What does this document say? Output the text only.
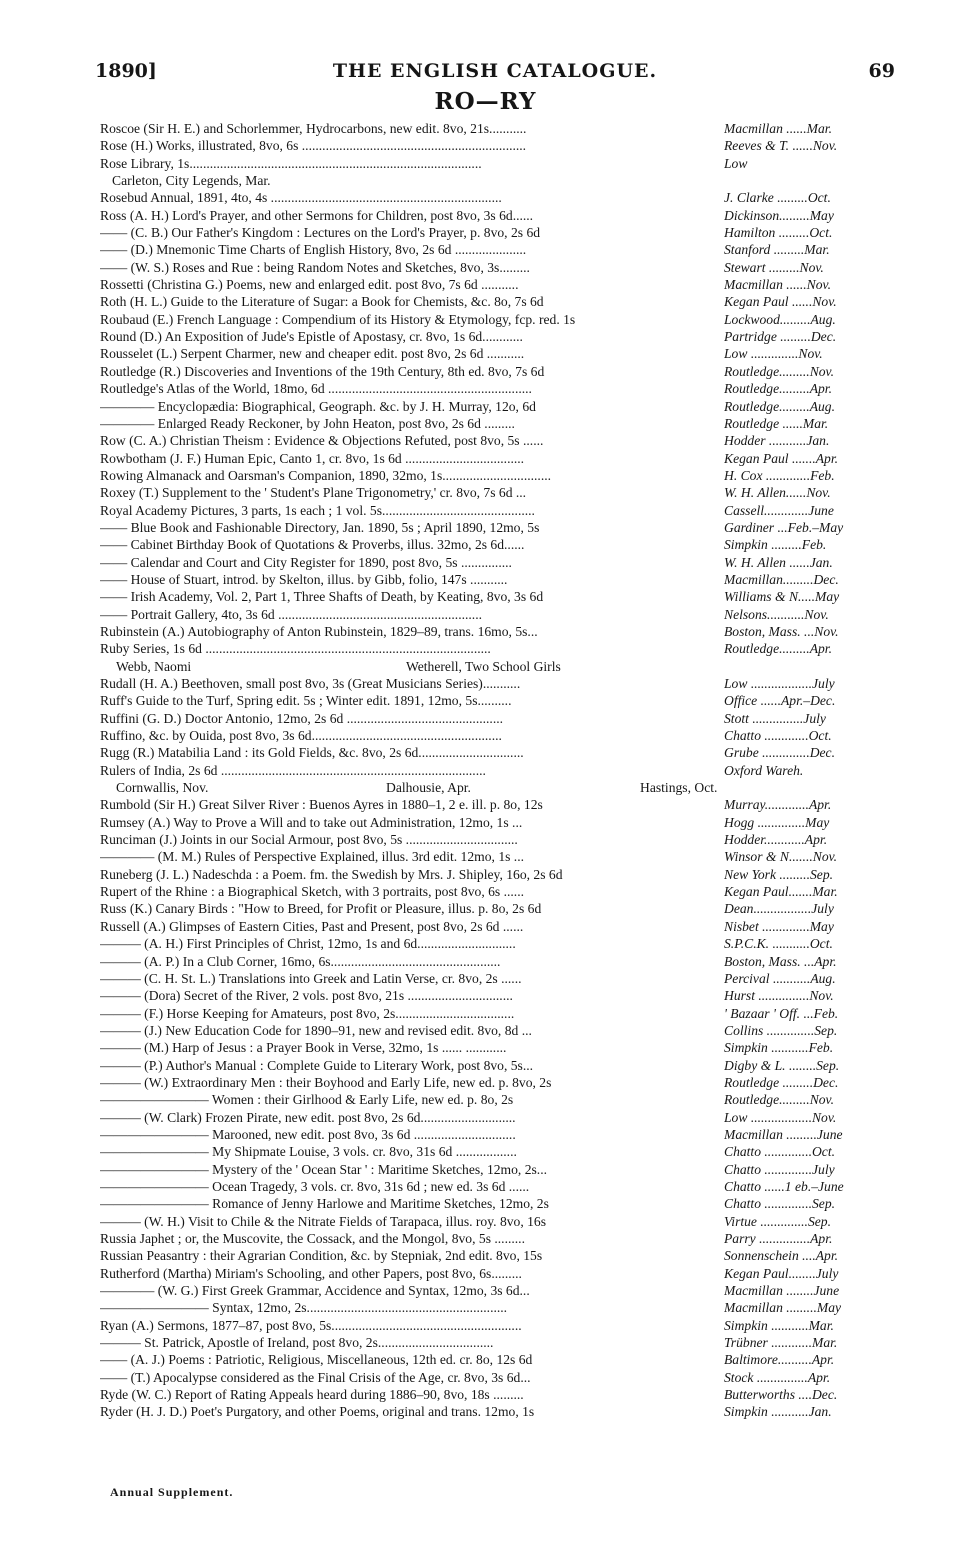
1890]	THE ENGLISH CATALOGUE.	69
RO—RY
Roscoe (Sir H. E.) and Schorlemmer, Hydrocarbons, new edit. 8vo, 21s...........	Macmillan ......Mar.
Rose (H.) Works, illustrated, 8vo, 6s ..................................................................	Reeves & T. ......Nov.
Rose Library, 1s......................................................................................	Low
Carleton, City Legends, Mar.
Rosebud Annual, 1891, 4to, 4s ....................................................................	J. Clarke .........Oct.
Ross (A. H.) Lord's Prayer, and other Sermons for Children, post 8vo, 3s 6d......	Dickinson.........May
—— (C. B.) Our Father's Kingdom : Lectures on the Lord's Prayer, p. 8vo, 2s 6d	Hamilton .........Oct.
—— (D.) Mnemonic Time Charts of English History, 8vo, 2s 6d .....................	Stanford .........Mar.
—— (W. S.) Roses and Rue : being Random Notes and Sketches, 8vo, 3s.........	Stewart .........Nov.
Rossetti (Christina G.) Poems, new and enlarged edit. post 8vo, 7s 6d ...........	Macmillan ......Nov.
Roth (H. L.) Guide to the Literature of Sugar: a Book for Chemists, &c. 8o, 7s 6d	Kegan Paul ......Nov.
Roubaud (E.) French Language : Compendium of its History & Etymology, fcp. red. 1s	Lockwood.........Aug.
Round (D.) An Exposition of Jude's Epistle of Apostasy, cr. 8vo, 1s 6d............	Partridge .........Dec.
Rousselet (L.) Serpent Charmer, new and cheaper edit. post 8vo, 2s 6d ...........	Low ..............Nov.
Routledge (R.) Discoveries and Inventions of the 19th Century, 8th ed. 8vo, 7s 6d	Routledge.........Nov.
Routledge's Atlas of the World, 18mo, 6d ............................................................	Routledge.........Apr.
———— Encyclopædia: Biographical, Geograph. &c. by J. H. Murray, 12o, 6d	Routledge.........Aug.
———— Enlarged Ready Reckoner, by John Heaton, post 8vo, 2s 6d .........	Routledge ......Mar.
Row (C. A.) Christian Theism : Evidence & Objections Refuted, post 8vo, 5s ......	Hodder ...........Jan.
Rowbotham (J. F.) Human Epic, Canto 1, cr. 8vo, 1s 6d ...................................	Kegan Paul .......Apr.
Rowing Almanack and Oarsman's Companion, 1890, 32mo, 1s................................	H. Cox .............Feb.
Roxey (T.) Supplement to the ' Student's Plane Trigonometry,' cr. 8vo, 7s 6d ...	W. H. Allen......Nov.
Royal Academy Pictures, 3 parts, 1s each ; 1 vol. 5s.............................................	Cassell.............June
—— Blue Book and Fashionable Directory, Jan. 1890, 5s ; April 1890, 12mo, 5s	Gardiner ...Feb.–May
—— Cabinet Birthday Book of Quotations & Proverbs, illus. 32mo, 2s 6d......	Simpkin .........Feb.
—— Calendar and Court and City Register for 1890, post 8vo, 5s ...............	W. H. Allen ......Jan.
—— House of Stuart, introd. by Skelton, illus. by Gibb, folio, 147s ...........	Macmillan.........Dec.
—— Irish Academy, Vol. 2, Part 1, Three Shafts of Death, by Keating, 8vo, 3s 6d	Williams & N.....May
—— Portrait Gallery, 4to, 3s 6d ............................................................	Nelsons...........Nov.
Rubinstein (A.) Autobiography of Anton Rubinstein, 1829–89, trans. 16mo, 5s...	Boston, Mass. ...Nov.
Ruby Series, 1s 6d ....................................................................................	Routledge.........Apr.
Webb, Naomi	Wetherell, Two School Girls
Rudall (H. A.) Beethoven, small post 8vo, 3s (Great Musicians Series)...........	Low ..................July
Ruff's Guide to the Turf, Spring edit. 5s ; Winter edit. 1891, 12mo, 5s..........	Office ......Apr.–Dec.
Ruffini (G. D.) Doctor Antonio, 12mo, 2s 6d ..............................................	Stott ...............July
Ruffino, &c. by Ouida, post 8vo, 3s 6d........................................................	Chatto .............Oct.
Rugg (R.) Matabilia Land : its Gold Fields, &c. 8vo, 2s 6d...............................	Grube ..............Dec.
Rulers of India, 2s 6d ..............................................................................	Oxford Wareh.
Cornwallis, Nov.	Dalhousie, Apr.	Hastings, Oct.
Rumbold (Sir H.) Great Silver River : Buenos Ayres in 1880–1, 2 e. ill. p. 8o, 12s	Murray.............Apr.
Rumsey (A.) Way to Prove a Will and to take out Administration, 12mo, 1s ...	Hogg ..............May
Runciman (J.) Joints in our Social Armour, post 8vo, 5s .................................	Hodder............Apr.
———— (M. M.) Rules of Perspective Explained, illus. 3rd edit. 12mo, 1s ...	Winsor & N.......Nov.
Runeberg (J. L.) Nadeschda : a Poem. fm. the Swedish by Mrs. J. Shipley, 16o, 2s 6d	New York .........Sep.
Rupert of the Rhine : a Biographical Sketch, with 3 portraits, post 8vo, 6s ......	Kegan Paul.......Mar.
Russ (K.) Canary Birds : "How to Breed, for Profit or Pleasure, illus. p. 8o, 2s 6d	Dean.................July
Russell (A.) Glimpses of Eastern Cities, Past and Present, post 8vo, 2s 6d ......	Nisbet ..............May
——— (A. H.) First Principles of Christ, 12mo, 1s and 6d.............................	S.P.C.K. ...........Oct.
——— (A. P.) In a Club Corner, 16mo, 6s..................................................	Boston, Mass. ...Apr.
——— (C. H. St. L.) Translations into Greek and Latin Verse, cr. 8vo, 2s ......	Percival ...........Aug.
——— (Dora) Secret of the River, 2 vols. post 8vo, 21s ...............................	Hurst ...............Nov.
——— (F.) Horse Keeping for Amateurs, post 8vo, 2s...................................	' Bazaar ' Off. ...Feb.
——— (J.) New Education Code for 1890–91, new and revised edit. 8vo, 8d ...	Collins ..............Sep.
——— (M.) Harp of Jesus : a Prayer Book in Verse, 32mo, 1s ...... ............	Simpkin ...........Feb.
——— (P.) Author's Manual : Complete Guide to Literary Work, post 8vo, 5s...	Digby & L. ........Sep.
——— (W.) Extraordinary Men : their Boyhood and Early Life, new ed. p. 8vo, 2s	Routledge .........Dec.
———————— Women : their Girlhood & Early Life, new ed. p. 8o, 2s	Routledge.........Nov.
——— (W. Clark) Frozen Pirate, new edit. post 8vo, 2s 6d............................	Low ..................Nov.
———————— Marooned, new edit. post 8vo, 3s 6d ..............................	Macmillan .........June
———————— My Shipmate Louise, 3 vols. cr. 8vo, 31s 6d ..................	Chatto ..............Oct.
———————— Mystery of the ' Ocean Star ' : Maritime Sketches, 12mo, 2s...	Chatto ..............July
———————— Ocean Tragedy, 3 vols. cr. 8vo, 31s 6d ; new ed. 3s 6d ......	Chatto ......1 eb.–June
———————— Romance of Jenny Harlowe and Maritime Sketches, 12mo, 2s	Chatto ..............Sep.
——— (W. H.) Visit to Chile & the Nitrate Fields of Tarapaca, illus. roy. 8vo, 16s	Virtue ..............Sep.
Russia Japhet ; or, the Muscovite, the Cossack, and the Mongol, 8vo, 5s .........	Parry ...............Apr.
Russian Peasantry : their Agrarian Condition, &c. by Stepniak, 2nd edit. 8vo, 15s	Sonnenschein ....Apr.
Rutherford (Martha) Miriam's Schooling, and other Papers, post 8vo, 6s.........	Kegan Paul........July
———— (W. G.) First Greek Grammar, Accidence and Syntax, 12mo, 3s 6d...	Macmillan ........June
———————— Syntax, 12mo, 2s...........................................................	Macmillan .........May
Ryan (A.) Sermons, 1877–87, post 8vo, 5s........................................................	Simpkin ...........Mar.
——— St. Patrick, Apostle of Ireland, post 8vo, 2s..................................	Trübner ............Mar.
—— (A. J.) Poems : Patriotic, Religious, Miscellaneous, 12th ed. cr. 8o, 12s 6d	Baltimore..........Apr.
—— (T.) Apocalypse considered as the Final Crisis of the Age, cr. 8vo, 3s 6d...	Stock ...............Apr.
Ryde (W. C.) Report of Rating Appeals heard during 1886–90, 8vo, 18s .........	Butterworths ....Dec.
Ryder (H. J. D.) Poet's Purgatory, and other Poems, original and trans. 12mo, 1s	Simpkin ...........Jan.
Annual Supplement.
